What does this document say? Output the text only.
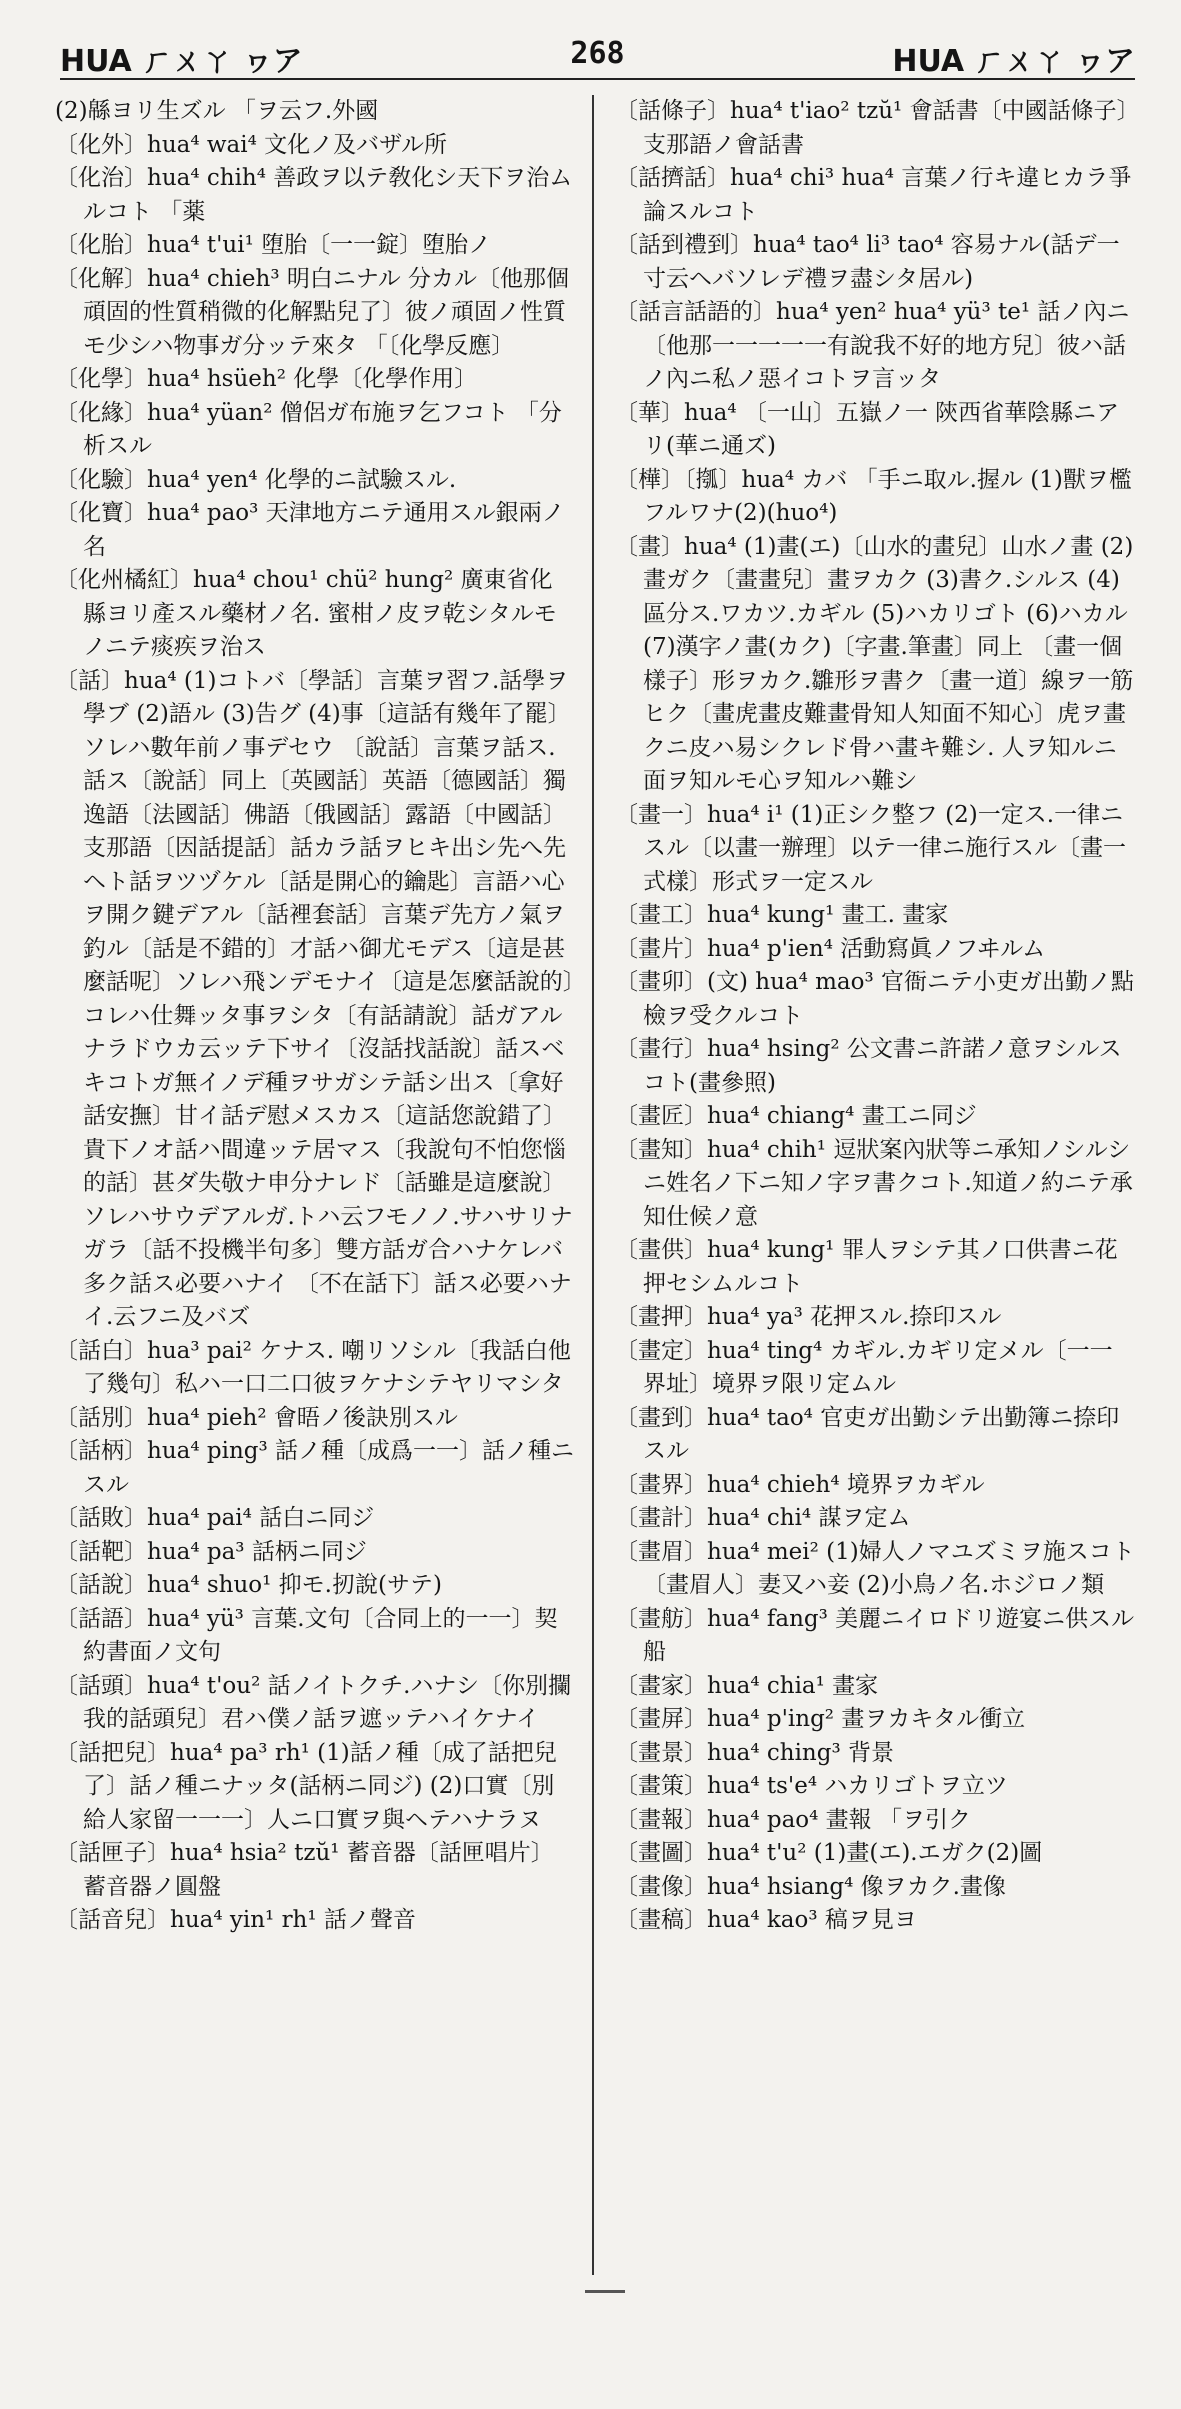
HUA ㄏㄨㄚ ヮア	268	HUA ㄏㄨㄚ ヮア

(2)緜ヨリ生ズル 「ヲ云フ.外國

〔化外〕hua⁴ wai⁴ 文化ノ及バザル所

〔化治〕hua⁴ chih⁴ 善政ヲ以テ敎化シ天下ヲ治ムルコト 「薬

〔化胎〕hua⁴ t'ui¹ 堕胎〔一一錠〕堕胎ノ

〔化解〕hua⁴ chieh³ 明白ニナル 分カル〔他那個頑固的性質稍微的化解點兒了〕彼ノ頑固ノ性質モ少シハ物事ガ分ッテ來タ 「〔化學反應〕

〔化學〕hua⁴ hsüeh² 化學〔化學作用〕

〔化緣〕hua⁴ yüan² 僧侶ガ布施ヲ乞フコト 「分析スル

〔化驗〕hua⁴ yen⁴ 化學的ニ試驗スル.

〔化寶〕hua⁴ pao³ 天津地方ニテ通用スル銀兩ノ名

〔化州橘紅〕hua⁴ chou¹ chü² hung² 廣東省化縣ヨリ產スル藥材ノ名. 蜜柑ノ皮ヲ乾シタルモノニテ痰疾ヲ治ス

〔話〕hua⁴ (1)コトバ〔學話〕言葉ヲ習フ.話學ヲ學ブ (2)語ル (3)告グ (4)事〔這話有幾年了罷〕ソレハ數年前ノ事デセウ 〔說話〕言葉ヲ話ス.話ス〔說話〕同上〔英國話〕英語〔德國話〕獨逸語〔法國話〕佛語〔俄國話〕露語〔中國話〕支那語〔因話提話〕話カラ話ヲヒキ出シ先へ先ヘト話ヲツヅケル〔話是開心的鑰匙〕言語ハ心ヲ開ク鍵デアル〔話裡套話〕言葉デ先方ノ氣ヲ釣ル〔話是不錯的〕才話ハ御尤モデス〔這是甚麼話呢〕ソレハ飛ンデモナイ〔這是怎麼話說的〕コレハ仕舞ッタ事ヲシタ〔有話請說〕話ガアルナラドウカ云ッテ下サイ〔沒話找話說〕話スベキコトガ無イノデ種ヲサガシテ話シ出ス〔拿好話安撫〕甘イ話デ慰メスカス〔這話您說錯了〕貴下ノオ話ハ間違ッテ居マス〔我說句不怕您惱的話〕甚ダ失敬ナ申分ナレド〔話雖是這麼說〕ソレハサウデアルガ.トハ云フモノノ.サハサリナガラ〔話不投機半句多〕雙方話ガ合ハナケレバ多ク話ス必要ハナイ 〔不在話下〕話ス必要ハナイ.云フニ及バズ

〔話白〕hua³ pai² ケナス. 嘲リソシル〔我話白他了幾句〕私ハ一口二口彼ヲケナシテヤリマシタ

〔話別〕hua⁴ pieh² 會晤ノ後訣別スル

〔話柄〕hua⁴ ping³ 話ノ種〔成爲一一〕話ノ種ニスル

〔話敗〕hua⁴ pai⁴ 話白ニ同ジ

〔話靶〕hua⁴ pa³ 話柄ニ同ジ

〔話說〕hua⁴ shuo¹ 抑モ.扨說(サテ)

〔話語〕hua⁴ yü³ 言葉.文句〔合同上的一一〕契約書面ノ文句

〔話頭〕hua⁴ t'ou² 話ノイトクチ.ハナシ〔你別攔我的話頭兒〕君ハ僕ノ話ヲ遮ッテハイケナイ

〔話把兒〕hua⁴ pa³ rh¹ (1)話ノ種〔成了話把兒了〕話ノ種ニナッタ(話柄ニ同ジ) (2)口實〔別給人家留一一一〕人ニ口實ヲ與ヘテハナラヌ

〔話匣子〕hua⁴ hsia² tzŭ¹ 蓄音器〔話匣唱片〕蓄音器ノ圓盤

〔話音兒〕hua⁴ yin¹ rh¹ 話ノ聲音

〔話條子〕hua⁴ t'iao² tzŭ¹ 會話書〔中國話條子〕支那語ノ會話書

〔話擠話〕hua⁴ chi³ hua⁴ 言葉ノ行キ違ヒカラ爭論スルコト

〔話到禮到〕hua⁴ tao⁴ li³ tao⁴ 容易ナル(話デ一寸云ヘバソレデ禮ヲ盡シタ居ル)

〔話言話語的〕hua⁴ yen² hua⁴ yü³ te¹ 話ノ內ニ〔他那一一一一一有說我不好的地方兒〕彼ハ話ノ內ニ私ノ惡イコトヲ言ッタ

〔華〕hua⁴ 〔一山〕五嶽ノ一 陝西省華陰縣ニアリ(華ニ通ズ)

〔樺〕〔摦〕hua⁴ カバ 「手ニ取ル.握ル (1)獸ヲ檻フルワナ(2)(huo⁴)

〔畫〕hua⁴ (1)畫(エ)〔山水的畫兒〕山水ノ畫 (2)畫ガク〔畫畫兒〕畫ヲカク (3)書ク.シルス (4)區分ス.ワカツ.カギル (5)ハカリゴト (6)ハカル (7)漢字ノ畫(カク)〔字畫.筆畫〕同上 〔畫一個樣子〕形ヲカク.雛形ヲ書ク〔畫一道〕線ヲ一筋ヒク〔畫虎畫皮難畫骨知人知面不知心〕虎ヲ畫クニ皮ハ易シクレド骨ハ畫キ難シ. 人ヲ知ルニ面ヲ知ルモ心ヲ知ルハ難シ

〔畫一〕hua⁴ i¹ (1)正シク整フ (2)一定ス.一律ニスル〔以畫一辦理〕以テ一律ニ施行スル〔畫一式樣〕形式ヲ一定スル

〔畫工〕hua⁴ kung¹ 畫工. 畫家

〔畫片〕hua⁴ p'ien⁴ 活動寫眞ノフヰルム

〔畫卯〕(文) hua⁴ mao³ 官衙ニテ小吏ガ出勤ノ點檢ヲ受クルコト

〔畫行〕hua⁴ hsing² 公文書ニ許諾ノ意ヲシルスコト(畫參照)

〔畫匠〕hua⁴ chiang⁴ 畫工ニ同ジ

〔畫知〕hua⁴ chih¹ 逗狀案內狀等ニ承知ノシルシニ姓名ノ下ニ知ノ字ヲ書クコト.知道ノ約ニテ承知仕候ノ意

〔畫供〕hua⁴ kung¹ 罪人ヲシテ其ノ口供書ニ花押セシムルコト

〔畫押〕hua⁴ ya³ 花押スル.捺印スル

〔畫定〕hua⁴ ting⁴ カギル.カギリ定メル〔一一界址〕境界ヲ限リ定ムル

〔畫到〕hua⁴ tao⁴ 官吏ガ出勤シテ出勤簿ニ捺印スル

〔畫界〕hua⁴ chieh⁴ 境界ヲカギル

〔畫計〕hua⁴ chi⁴ 謀ヲ定ム

〔畫眉〕hua⁴ mei² (1)婦人ノマユズミヲ施スコト〔畫眉人〕妻又ハ妾 (2)小鳥ノ名.ホジロノ類

〔畫舫〕hua⁴ fang³ 美麗ニイロドリ遊宴ニ供スル船

〔畫家〕hua⁴ chia¹ 畫家

〔畫屏〕hua⁴ p'ing² 畫ヲカキタル衝立

〔畫景〕hua⁴ ching³ 背景

〔畫策〕hua⁴ ts'e⁴ ハカリゴトヲ立ツ

〔畫報〕hua⁴ pao⁴ 畫報 「ヲ引ク

〔畫圖〕hua⁴ t'u² (1)畫(エ).エガク(2)圖

〔畫像〕hua⁴ hsiang⁴ 像ヲカク.畫像

〔畫稿〕hua⁴ kao³ 稿ヲ見ヨ
